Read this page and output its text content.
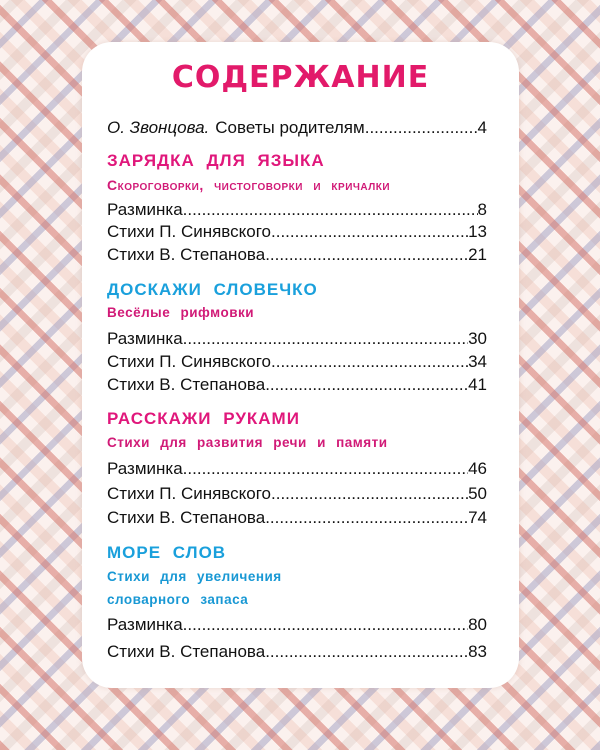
СОДЕРЖАНИЕ
О. Звонцова. Советы родителям .....	4
ЗАРЯДКА ДЛЯ ЯЗЫКА
Скороговорки, чистоговорки и кричалки
Разминка .....	8
Стихи П. Синявского .....	13
Стихи В. Степанова .....	21
ДОСКАЖИ СЛОВЕЧКО
Весёлые рифмовки
Разминка .....	30
Стихи П. Синявского .....	34
Стихи В. Степанова .....	41
РАССКАЖИ РУКАМИ
Стихи для развития речи и памяти
Разминка .....	46
Стихи П. Синявского .....	50
Стихи В. Степанова .....	74
МОРЕ СЛОВ
Стихи для увеличения
словарного запаса
Разминка .....	80
Стихи В. Степанова .....	83
